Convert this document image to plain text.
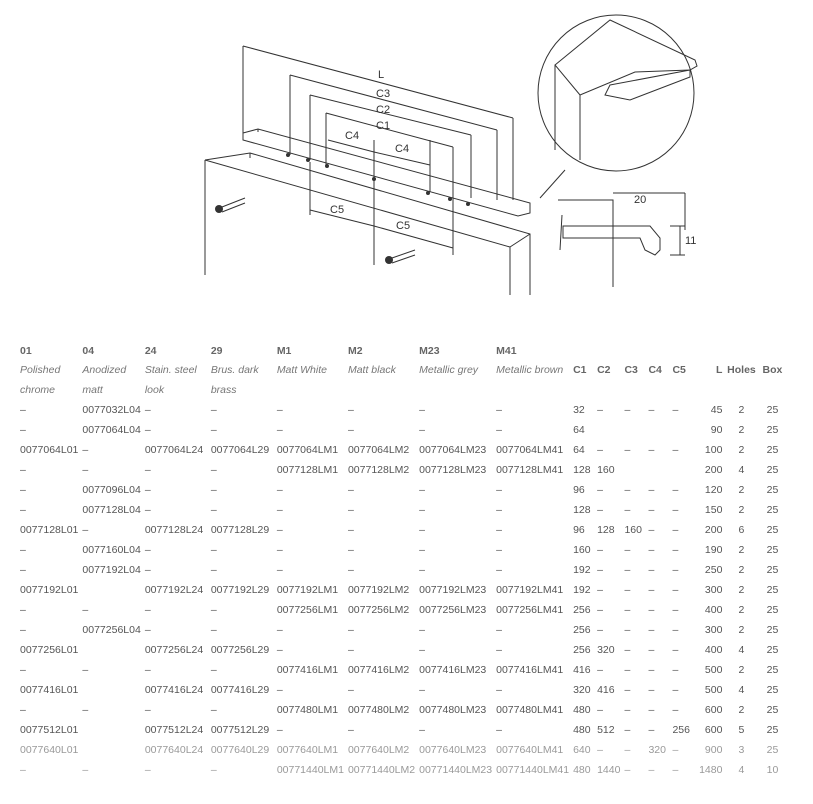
L
C3
C2
C1
C4
C4
C5
C5
20
11
01	04	24	29	M1	M2	M23	M41								
Polished	Anodized	Stain. steel	Brus. dark	Matt White	Matt black	Metallic grey	Metallic brown	C1	C2	C3	C4	C5	L	Holes	Box
chrome	matt	look	brass												
–	0077032L04	–	–	–	–	–	–	32	–	–	–	–	45	2	25
–	0077064L04	–	–	–	–	–	–	64					90	2	25
0077064L01	–	0077064L24	0077064L29	0077064LM1	0077064LM2	0077064LM23	0077064LM41	64	–	–	–	–	100	2	25
–	–	–	–	0077128LM1	0077128LM2	0077128LM23	0077128LM41	128	160				200	4	25
–	0077096L04	–	–	–	–	–	–	96	–	–	–	–	120	2	25
–	0077128L04	–	–	–	–	–	–	128	–	–	–	–	150	2	25
0077128L01	–	0077128L24	0077128L29	–	–	–	–	96	128	160	–	–	200	6	25
–	0077160L04	–	–	–	–	–	–	160	–	–	–	–	190	2	25
–	0077192L04	–	–	–	–	–	–	192	–	–	–	–	250	2	25
0077192L01		0077192L24	0077192L29	0077192LM1	0077192LM2	0077192LM23	0077192LM41	192	–	–	–	–	300	2	25
–	–	–	–	0077256LM1	0077256LM2	0077256LM23	0077256LM41	256	–	–	–	–	400	2	25
–	0077256L04	–	–	–	–	–	–	256	–	–	–	–	300	2	25
0077256L01		0077256L24	0077256L29	–	–	–	–	256	320	–	–	–	400	4	25
–	–	–	–	0077416LM1	0077416LM2	0077416LM23	0077416LM41	416	–	–	–	–	500	2	25
0077416L01		0077416L24	0077416L29	–	–	–	–	320	416	–	–	–	500	4	25
–	–	–	–	0077480LM1	0077480LM2	0077480LM23	0077480LM41	480	–	–	–	–	600	2	25
0077512L01		0077512L24	0077512L29	–	–	–	–	480	512	–	–	256	600	5	25
0077640L01		0077640L24	0077640L29	0077640LM1	0077640LM2	0077640LM23	0077640LM41	640	–	–	320	–	900	3	25
–	–	–	–	00771440LM1	00771440LM2	00771440LM23	00771440LM41	480	1440	–	–	–	1480	4	10
